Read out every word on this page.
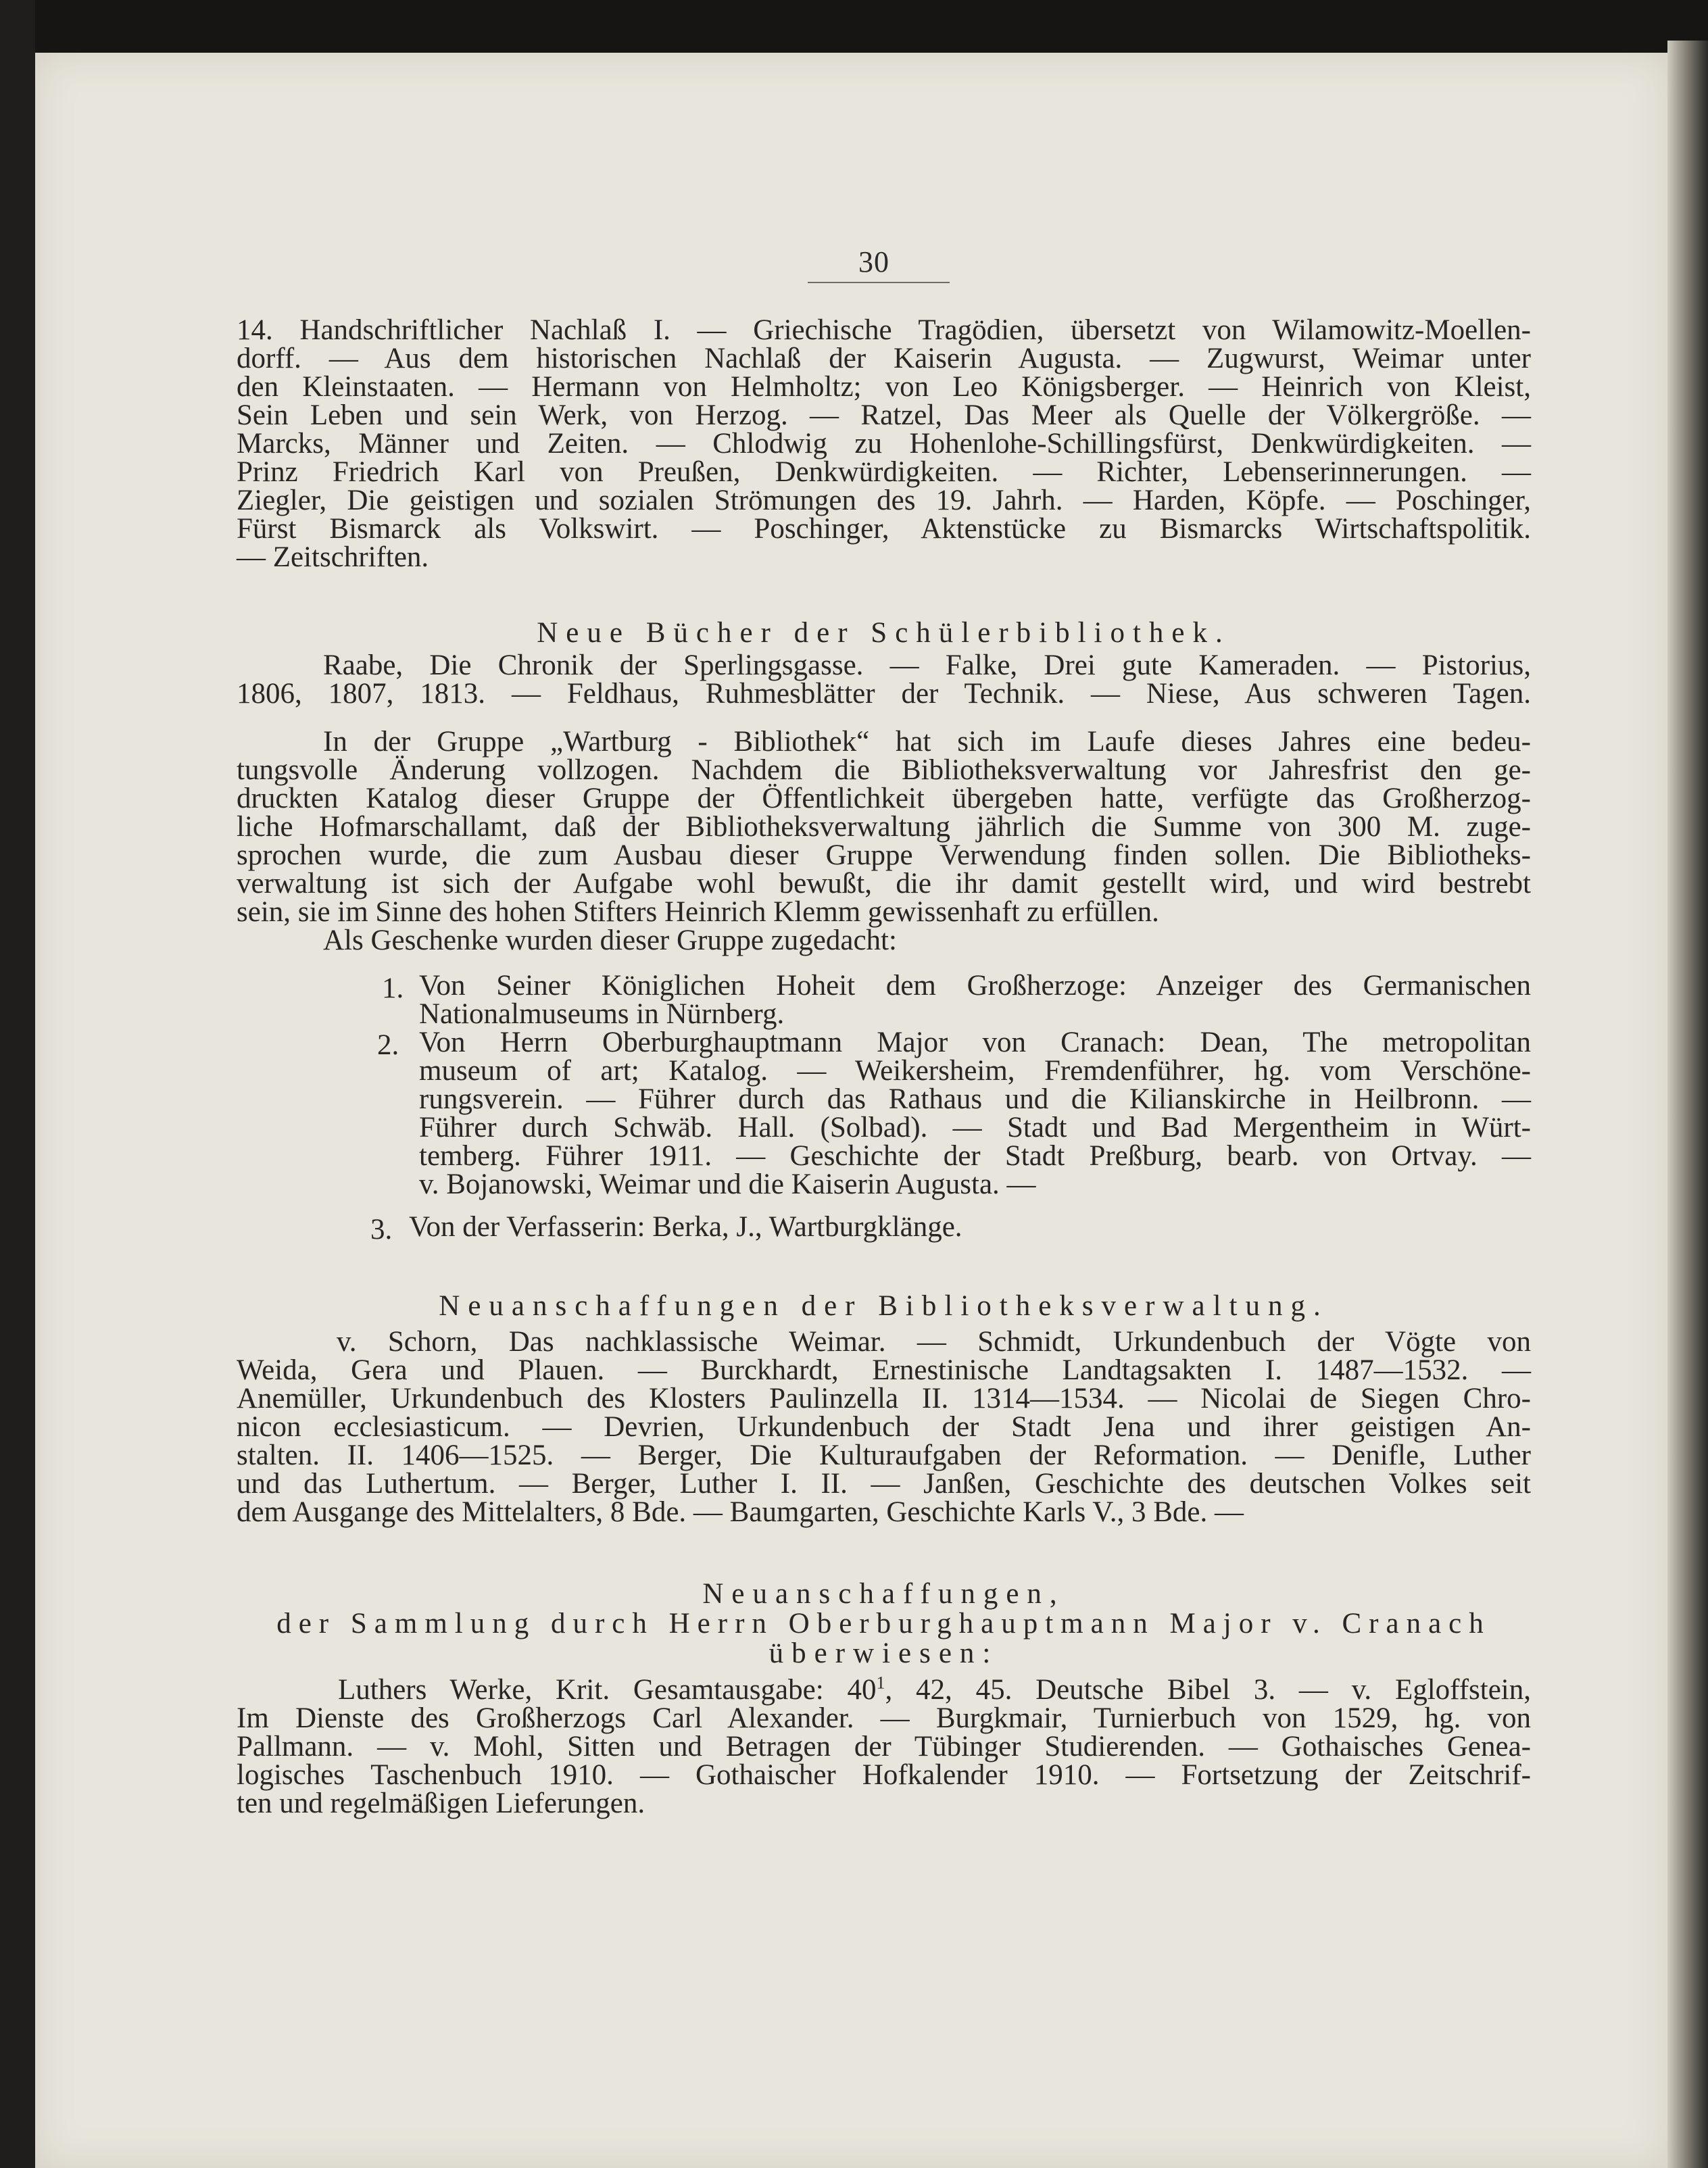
30
14. Handschriftlicher Nachlaß I. — Griechische Tragödien, übersetzt von Wilamowitz-Moellen-
dorff. — Aus dem historischen Nachlaß der Kaiserin Augusta. — Zugwurst, Weimar unter
den Kleinstaaten. — Hermann von Helmholtz; von Leo Königsberger. — Heinrich von Kleist,
Sein Leben und sein Werk, von Herzog. — Ratzel, Das Meer als Quelle der Völkergröße. —
Marcks, Männer und Zeiten. — Chlodwig zu Hohenlohe-Schillingsfürst, Denkwürdigkeiten. —
Prinz Friedrich Karl von Preußen, Denkwürdigkeiten. — Richter, Lebenserinnerungen. —
Ziegler, Die geistigen und sozialen Strömungen des 19. Jahrh. — Harden, Köpfe. — Poschinger,
Fürst Bismarck als Volkswirt. — Poschinger, Aktenstücke zu Bismarcks Wirtschaftspolitik.
— Zeitschriften.
Neue Bücher der Schülerbibliothek.
Raabe, Die Chronik der Sperlingsgasse. — Falke, Drei gute Kameraden. — Pistorius,
1806, 1807, 1813. — Feldhaus, Ruhmesblätter der Technik. — Niese, Aus schweren Tagen.
In der Gruppe „Wartburg - Bibliothek“ hat sich im Laufe dieses Jahres eine bedeu-
tungsvolle Änderung vollzogen. Nachdem die Bibliotheksverwaltung vor Jahresfrist den ge-
druckten Katalog dieser Gruppe der Öffentlichkeit übergeben hatte, verfügte das Großherzog-
liche Hofmarschallamt, daß der Bibliotheksverwaltung jährlich die Summe von 300 M. zuge-
sprochen wurde, die zum Ausbau dieser Gruppe Verwendung finden sollen. Die Bibliotheks-
verwaltung ist sich der Aufgabe wohl bewußt, die ihr damit gestellt wird, und wird bestrebt
sein, sie im Sinne des hohen Stifters Heinrich Klemm gewissenhaft zu erfüllen.
Als Geschenke wurden dieser Gruppe zugedacht:
1. Von Seiner Königlichen Hoheit dem Großherzoge: Anzeiger des Germanischen
Nationalmuseums in Nürnberg.
2. Von Herrn Oberburghauptmann Major von Cranach: Dean, The metropolitan
museum of art; Katalog. — Weikersheim, Fremdenführer, hg. vom Verschöne-
rungsverein. — Führer durch das Rathaus und die Kilianskirche in Heilbronn. —
Führer durch Schwäb. Hall. (Solbad). — Stadt und Bad Mergentheim in Würt-
temberg. Führer 1911. — Geschichte der Stadt Preßburg, bearb. von Ortvay. —
v. Bojanowski, Weimar und die Kaiserin Augusta. —
3. Von der Verfasserin: Berka, J., Wartburgklänge.
Neuanschaffungen der Bibliotheksverwaltung.
v. Schorn, Das nachklassische Weimar. — Schmidt, Urkundenbuch der Vögte von
Weida, Gera und Plauen. — Burckhardt, Ernestinische Landtagsakten I. 1487—1532. —
Anemüller, Urkundenbuch des Klosters Paulinzella II. 1314—1534. — Nicolai de Siegen Chro-
nicon ecclesiasticum. — Devrien, Urkundenbuch der Stadt Jena und ihrer geistigen An-
stalten. II. 1406—1525. — Berger, Die Kulturaufgaben der Reformation. — Denifle, Luther
und das Luthertum. — Berger, Luther I. II. — Janßen, Geschichte des deutschen Volkes seit
dem Ausgange des Mittelalters, 8 Bde. — Baumgarten, Geschichte Karls V., 3 Bde. —
Neuanschaffungen,
der Sammlung durch Herrn Oberburghauptmann Major v. Cranach
überwiesen:
Luthers Werke, Krit. Gesamtausgabe: $40^1$, 42, 45. Deutsche Bibel 3. — v. Egloffstein,
Im Dienste des Großherzogs Carl Alexander. — Burgkmair, Turnierbuch von 1529, hg. von
Pallmann. — v. Mohl, Sitten und Betragen der Tübinger Studierenden. — Gothaisches Genea-
logisches Taschenbuch 1910. — Gothaischer Hofkalender 1910. — Fortsetzung der Zeitschrif-
ten und regelmäßigen Lieferungen.
